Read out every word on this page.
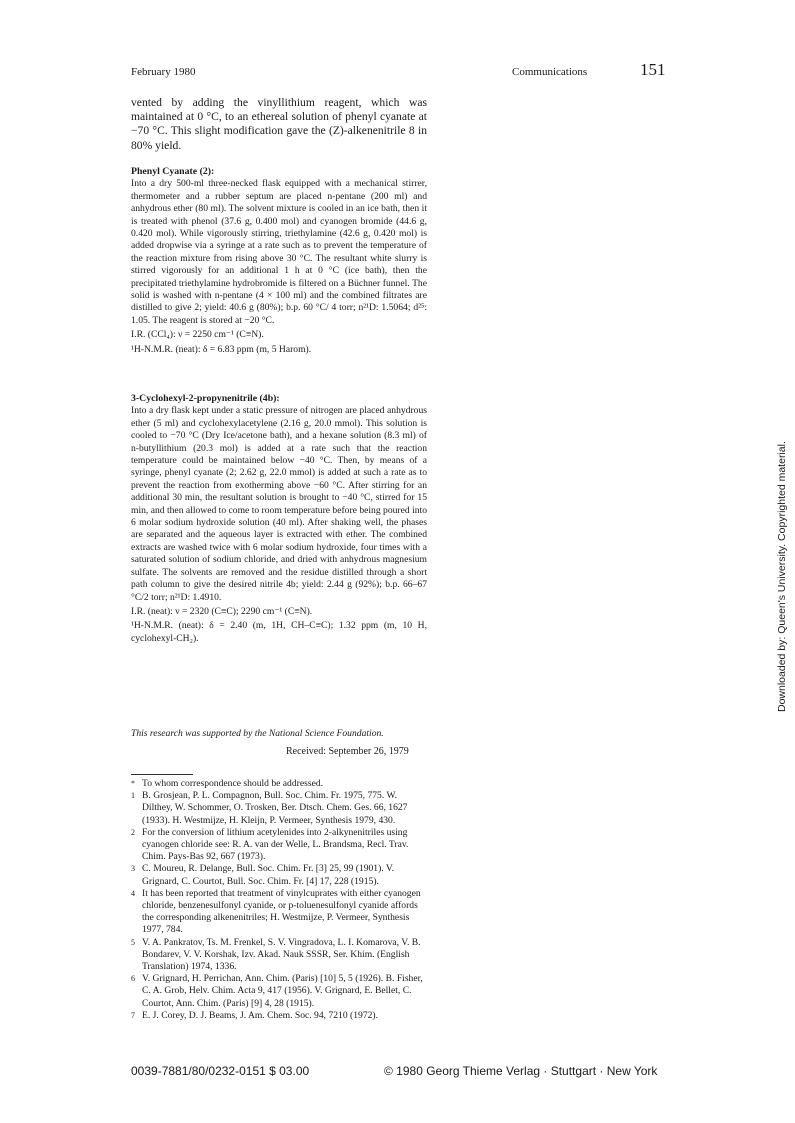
February 1980	Communications	151
vented by adding the vinyllithium reagent, which was maintained at 0 °C, to an ethereal solution of phenyl cyanate at −70 °C. This slight modification gave the (Z)-alkenenitrile 8 in 80% yield.

Phenyl Cyanate (2):

Into a dry 500-ml three-necked flask equipped with a mechanical stirrer, thermometer and a rubber septum are placed n-pentane (200 ml) and anhydrous ether (80 ml). The solvent mixture is cooled in an ice bath, then it is treated with phenol (37.6 g, 0.400 mol) and cyanogen bromide (44.6 g, 0.420 mol). While vigorously stirring, triethylamine (42.6 g, 0.420 mol) is added dropwise via a syringe at a rate such as to prevent the temperature of the reaction mixture from rising above 30 °C. The resultant white slurry is stirred vigorously for an additional 1 h at 0 °C (ice bath), then the precipitated triethylamine hydrobromide is filtered on a Büchner funnel. The solid is washed with n-pentane (4 × 100 ml) and the combined filtrates are distilled to give 2; yield: 40.6 g (80%); b.p. 60 °C/ 4 torr; n²¹D: 1.5064; d²⁵: 1.05. The reagent is stored at −20 °C.

I.R. (CCl₄): ν = 2250 cm⁻¹ (C≡N).

¹H-N.M.R. (neat): δ = 6.83 ppm (m, 5 Harom).

3-Cyclohexyl-2-propynenitrile (4b):

Into a dry flask kept under a static pressure of nitrogen are placed anhydrous ether (5 ml) and cyclohexylacetylene (2.16 g, 20.0 mmol). This solution is cooled to −70 °C (Dry Ice/acetone bath), and a hexane solution (8.3 ml) of n-butyllithium (20.3 mol) is added at a rate such that the reaction temperature could be maintained below −40 °C. Then, by means of a syringe, phenyl cyanate (2; 2.62 g, 22.0 mmol) is added at such a rate as to prevent the reaction from exotherming above −60 °C. After stirring for an additional 30 min, the resultant solution is brought to −40 °C, stirred for 15 min, and then allowed to come to room temperature before being poured into 6 molar sodium hydroxide solution (40 ml). After shaking well, the phases are separated and the aqueous layer is extracted with ether. The combined extracts are washed twice with 6 molar sodium hydroxide, four times with a saturated solution of sodium chloride, and dried with anhydrous magnesium sulfate. The solvents are removed and the residue distilled through a short path column to give the desired nitrile 4b; yield: 2.44 g (92%); b.p. 66–67 °C/2 torr; n²¹D: 1.4910.

I.R. (neat): ν = 2320 (C≡C); 2290 cm⁻¹ (C≡N).

¹H-N.M.R. (neat): δ = 2.40 (m, 1H, CH–C≡C); 1.32 ppm (m, 10 H, cyclohexyl-CH₂).

This research was supported by the National Science Foundation.
Received: September 26, 1979

* To whom correspondence should be addressed.

1 B. Grosjean, P. L. Compagnon, Bull. Soc. Chim. Fr. 1975, 775. W. Dilthey, W. Schommer, O. Trosken, Ber. Dtsch. Chem. Ges. 66, 1627 (1933). H. Westmijze, H. Kleijn, P. Vermeer, Synthesis 1979, 430.

2 For the conversion of lithium acetylenides into 2-alkynenitriles using cyanogen chloride see: R. A. van der Welle, L. Brandsma, Recl. Trav. Chim. Pays-Bas 92, 667 (1973).

3 C. Moureu, R. Delange, Bull. Soc. Chim. Fr. [3] 25, 99 (1901). V. Grignard, C. Courtot, Bull. Soc. Chim. Fr. [4] 17, 228 (1915).

4 It has been reported that treatment of vinylcuprates with either cyanogen chloride, benzenesulfonyl cyanide, or p-toluenesulfonyl cyanide affords the corresponding alkenenitriles; H. Westmijze, P. Vermeer, Synthesis 1977, 784.

5 V. A. Pankratov, Ts. M. Frenkel, S. V. Vingradova, L. I. Komarova, V. B. Bondarev, V. V. Korshak, Izv. Akad. Nauk SSSR, Ser. Khim. (English Translation) 1974, 1336.

6 V. Grignard, H. Perrichan, Ann. Chim. (Paris) [10] 5, 5 (1926). B. Fisher, C. A. Grob, Helv. Chim. Acta 9, 417 (1956). V. Grignard, E. Bellet, C. Courtot, Ann. Chim. (Paris) [9] 4, 28 (1915).

7 E. J. Corey, D. J. Beams, J. Am. Chem. Soc. 94, 7210 (1972).

0039-7881/80/0232-0151 $ 03.00	© 1980 Georg Thieme Verlag · Stuttgart · New York
Downloaded by: Queen's University. Copyrighted material.
